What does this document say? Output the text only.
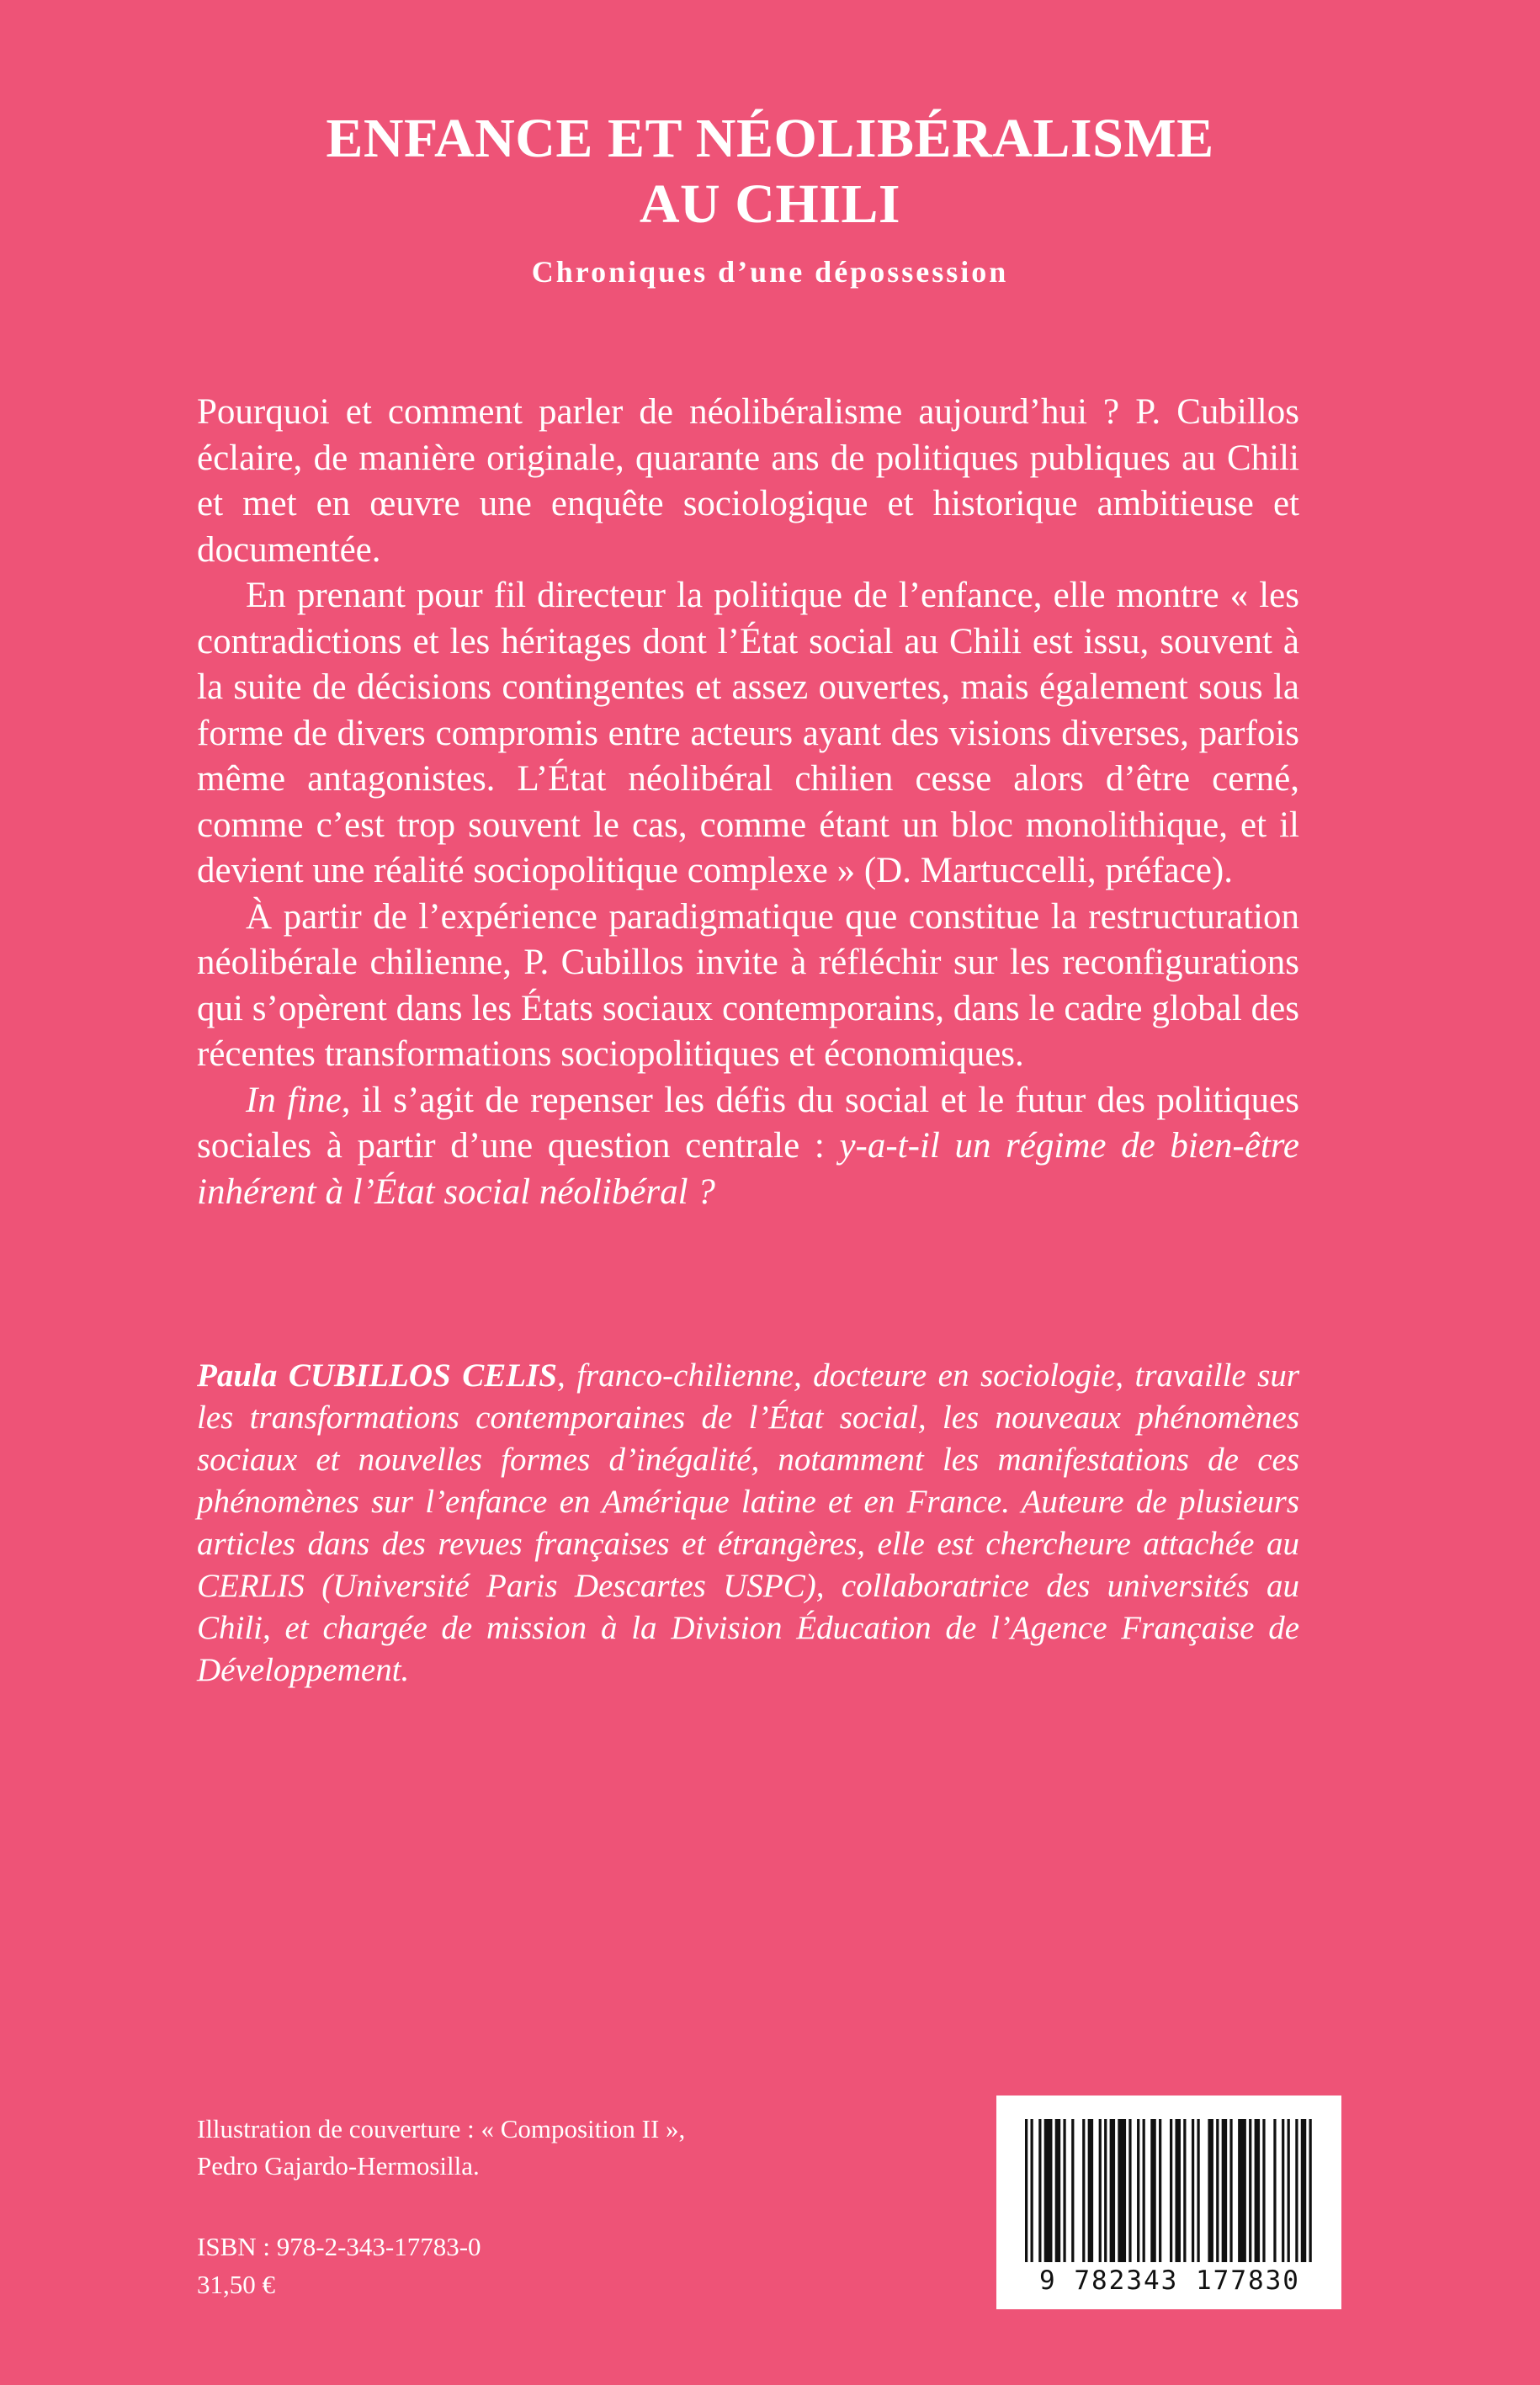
ENFANCE ET NÉOLIBÉRALISME
AU CHILI
Chroniques d’une dépossession

Pourquoi et comment parler de néolibéralisme aujourd’hui ? P. Cubillos éclaire, de manière originale, quarante ans de politiques publiques au Chili et met en œuvre une enquête sociologique et historique ambitieuse et documentée.

En prenant pour fil directeur la politique de l’enfance, elle montre « les contradictions et les héritages dont l’État social au Chili est issu, souvent à la suite de décisions contingentes et assez ouvertes, mais également sous la forme de divers compromis entre acteurs ayant des visions diverses, parfois même antagonistes. L’État néolibéral chilien cesse alors d’être cerné, comme c’est trop souvent le cas, comme étant un bloc monolithique, et il devient une réalité sociopolitique complexe » (D. Martuccelli, préface).

À partir de l’expérience paradigmatique que constitue la restructuration néolibérale chilienne, P. Cubillos invite à réfléchir sur les reconfigurations qui s’opèrent dans les États sociaux contemporains, dans le cadre global des récentes transformations sociopolitiques et économiques.

In fine, il s’agit de repenser les défis du social et le futur des politiques sociales à partir d’une question centrale : y-a-t-il un régime de bien-être inhérent à l’État social néolibéral ?

Paula CUBILLOS CELIS, franco-chilienne, docteure en sociologie, travaille sur les transformations contemporaines de l’État social, les nouveaux phénomènes sociaux et nouvelles formes d’inégalité, notamment les manifestations de ces phénomènes sur l’enfance en Amérique latine et en France. Auteure de plusieurs articles dans des revues françaises et étrangères, elle est chercheure attachée au CERLIS (Université Paris Descartes USPC), collaboratrice des universités au Chili, et chargée de mission à la Division Éducation de l’Agence Française de Développement.
Illustration de couverture : « Composition II »,
Pedro Gajardo-Hermosilla.
ISBN : 978-2-343-17783-0
31,50 €	9 782343 177830
